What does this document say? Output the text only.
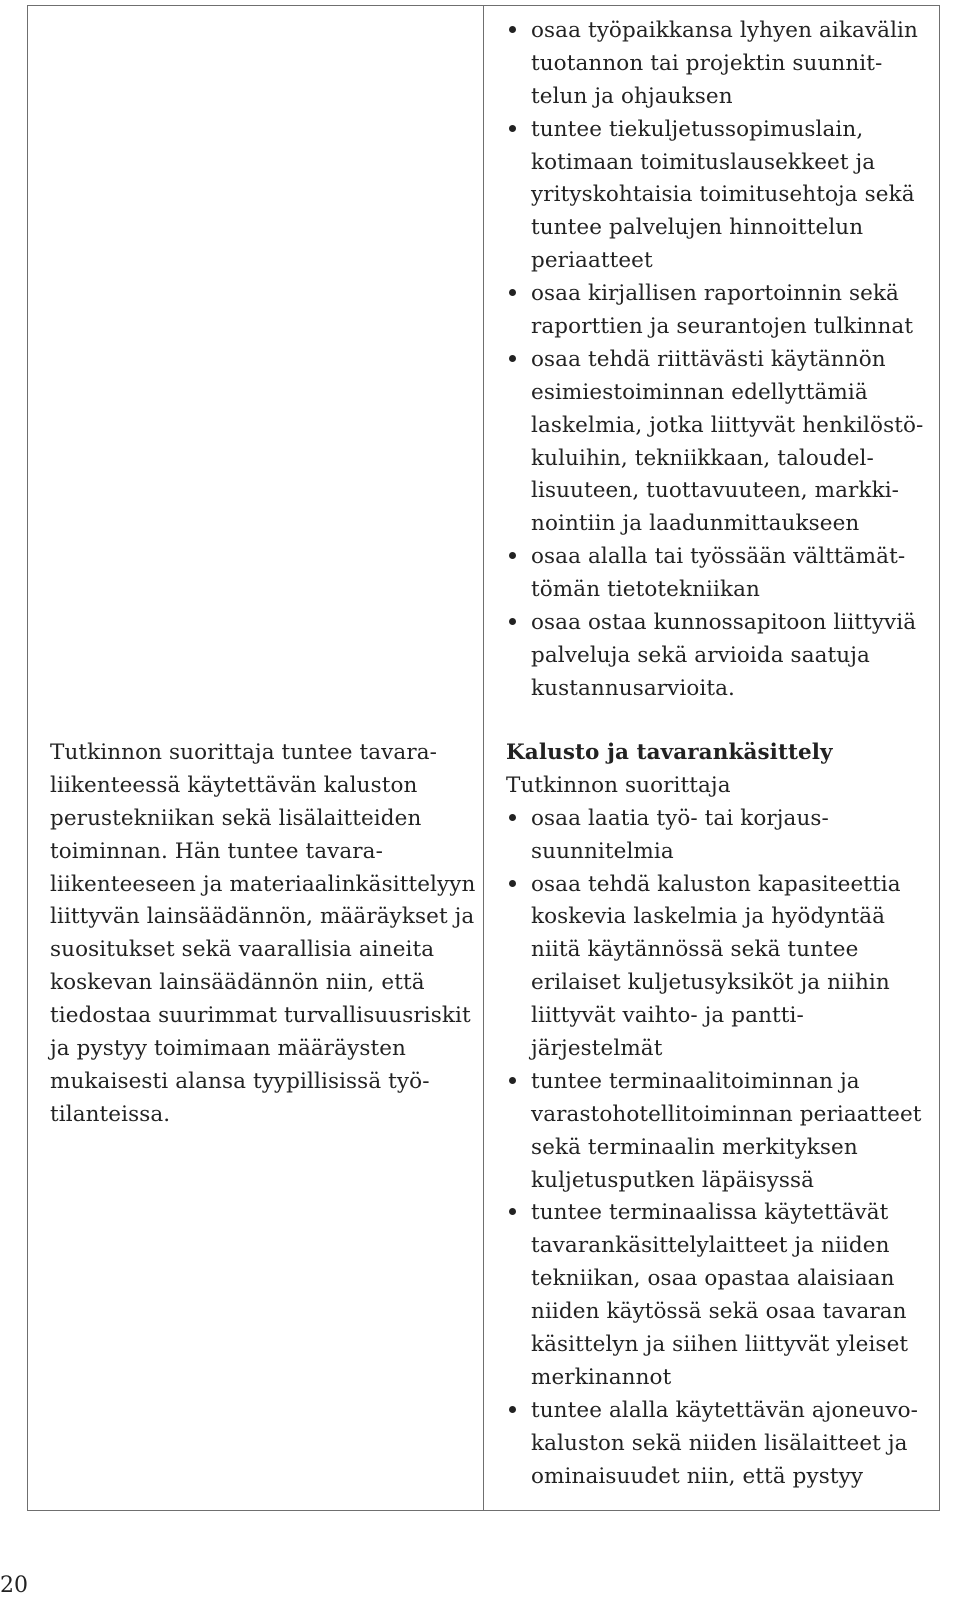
Tutkinnon suorittaja tuntee tavara-
liikenteessä käytettävän kaluston
perustekniikan sekä lisälaitteiden
toiminnan. Hän tuntee tavara-
liikenteeseen ja materiaalinkäsittelyyn
liittyvän lainsäädännön, määräykset ja
suositukset sekä vaarallisia aineita
koskevan lainsäädännön niin, että
tiedostaa suurimmat turvallisuusriskit
ja pystyy toimimaan määräysten
mukaisesti alansa tyypillisissä työ-
tilanteissa.
osaa työpaikkansa lyhyen aikavälin
tuotannon tai projektin suunnit-
telun ja ohjauksen
tuntee tiekuljetussopimuslain,
kotimaan toimituslausekkeet ja
yrityskohtaisia toimitusehtoja sekä
tuntee palvelujen hinnoittelun
periaatteet
osaa kirjallisen raportoinnin sekä
raporttien ja seurantojen tulkinnat
osaa tehdä riittävästi käytännön
esimiestoiminnan edellyttämiä
laskelmia, jotka liittyvät henkilöstö-
kuluihin, tekniikkaan, taloudel-
lisuuteen, tuottavuuteen, markki-
nointiin ja laadunmittaukseen
osaa alalla tai työssään välttämät-
tömän tietotekniikan
osaa ostaa kunnossapitoon liittyviä
palveluja sekä arvioida saatuja
kustannusarvioita.
Kalusto ja tavarankäsittely
Tutkinnon suorittaja
osaa laatia työ- tai korjaus-
suunnitelmia
osaa tehdä kaluston kapasiteettia
koskevia laskelmia ja hyödyntää
niitä käytännössä sekä tuntee
erilaiset kuljetusyksiköt ja niihin
liittyvät vaihto- ja pantti-
järjestelmät
tuntee terminaalitoiminnan ja
varastohotellitoiminnan periaatteet
sekä terminaalin merkityksen
kuljetusputken läpäisyssä
tuntee terminaalissa käytettävät
tavarankäsittelylaitteet ja niiden
tekniikan, osaa opastaa alaisiaan
niiden käytössä sekä osaa tavaran
käsittelyn ja siihen liittyvät yleiset
merkinannot
tuntee alalla käytettävän ajoneuvo-
kaluston sekä niiden lisälaitteet ja
ominaisuudet niin, että pystyy
20
